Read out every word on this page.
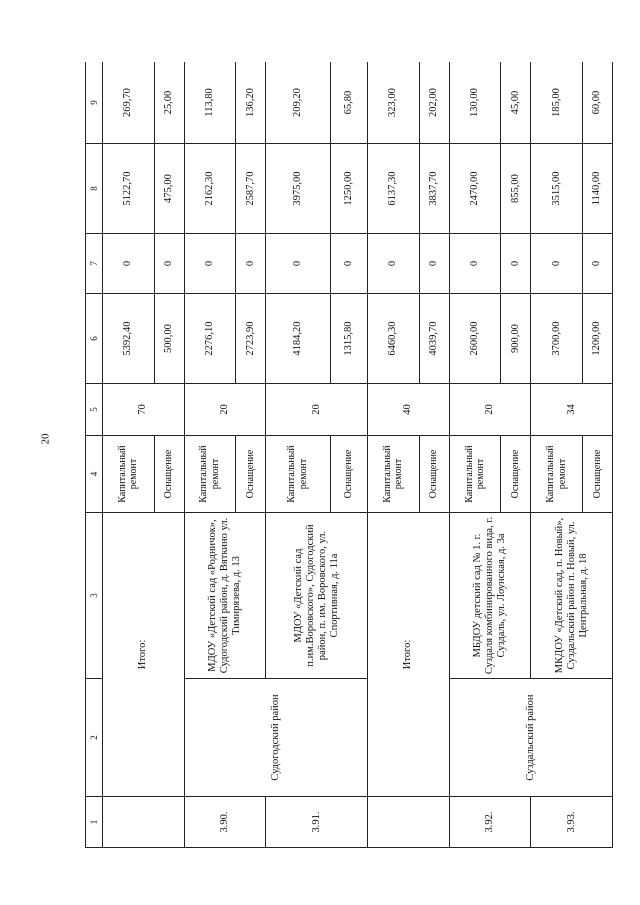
20
1	2	3	4	5	6	7	8	9
	Итого:		Капитальный ремонт	70	5392,40	0	5122,70	269,70
			Оснащение		500,00	0	475,00	25,00
3.90.	Судогодский район	МДОУ «Детский сад «Родничок», Судогодский район, д. Вяткино ул. Тимирязева, д. 13	Капитальный ремонт	20	2276,10	0	2162,30	113,80
			Оснащение		2723,90	0	2587,70	136,20
3.91.		МДОУ «Детский сад п.им.Воровского», Судогодский район, п. им. Воровского, ул. Спортивная, д. 11а	Капитальный ремонт	20	4184,20	0	3975,00	209,20
			Оснащение		1315,80	0	1250,00	65,80
	Итого:		Капитальный ремонт	40	6460,30	0	6137,30	323,00
			Оснащение		4039,70	0	3837,70	202,00
3.92.	Суздальский район	МБДОУ детский сад № 1. г. Суздаля комбинированного вида, г. Суздаль, ул. Лоунская, д. 3а	Капитальный ремонт	20	2600,00	0	2470,00	130,00
			Оснащение		900,00	0	855,00	45,00
3.93.		МКДОУ «Детский сад, п. Новый», Суздальский район п. Новый, ул. Центральная, д. 18	Капитальный ремонт	34	3700,00	0	3515,00	185,00
			Оснащение		1200,00	0	1140,00	60,00
